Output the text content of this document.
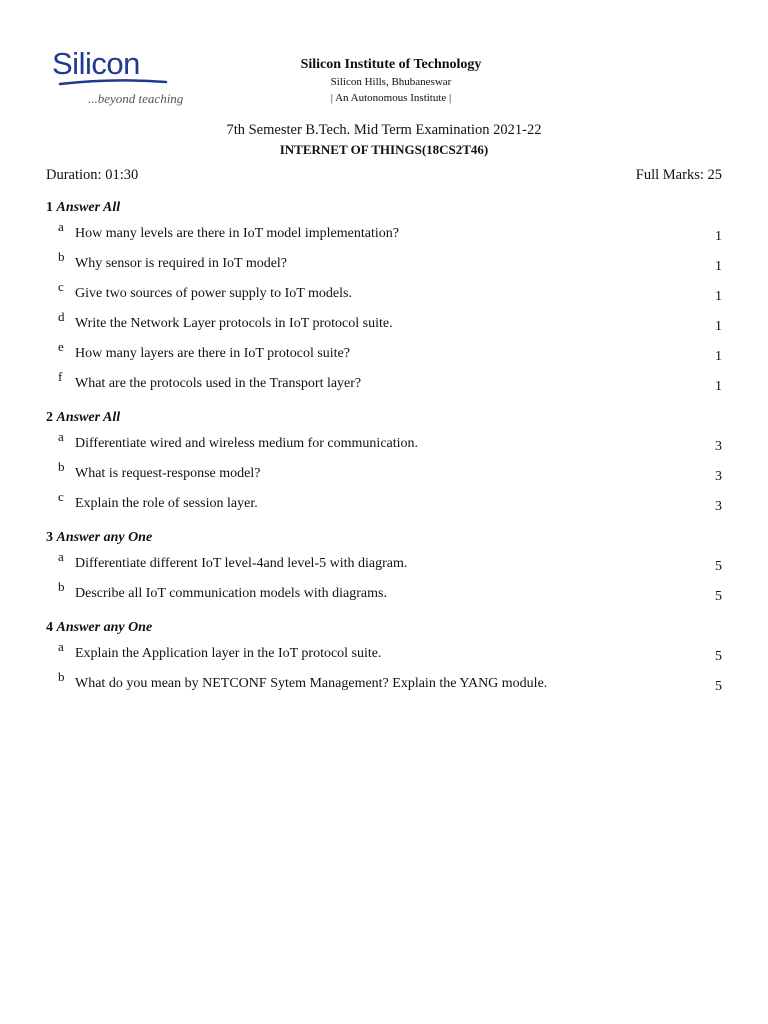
Silicon
...beyond teaching
Silicon Institute of Technology
Silicon Hills, Bhubaneswar
| An Autonomous Institute |
7th Semester B.Tech. Mid Term Examination 2021-22
INTERNET OF THINGS(18CS2T46)
Duration: 01:30	Full Marks: 25
1 Answer All
a How many levels are there in IoT model implementation?	1
b Why sensor is required in IoT model?	1
c Give two sources of power supply to IoT models.	1
d Write the Network Layer protocols in IoT protocol suite.	1
e How many layers are there in IoT protocol suite?	1
f What are the protocols used in the Transport layer?	1
2 Answer All
a Differentiate wired and wireless medium for communication.	3
b What is request-response model?	3
c Explain the role of session layer.	3
3 Answer any One
a Differentiate different IoT level-4and level-5 with diagram.	5
b Describe all IoT communication models with diagrams.	5
4 Answer any One
a Explain the Application layer in the IoT protocol suite.	5
b What do you mean by NETCONF Sytem Management? Explain the YANG module.	5
